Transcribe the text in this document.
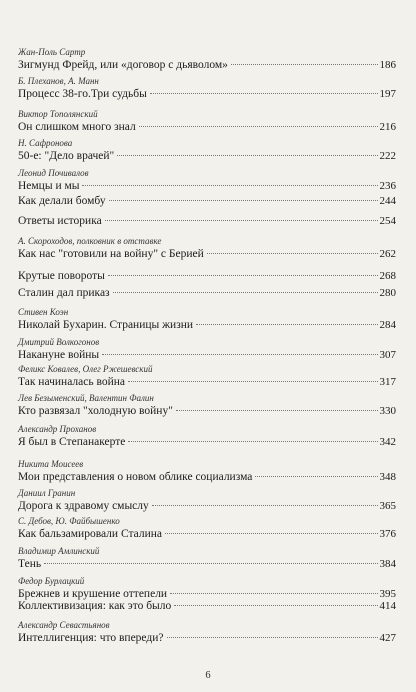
Жан-Поль Сартр
Зигмунд Фрейд, или «договор с дьяволом»	186
Б. Плеханов, А. Манн
Процесс 38-го.Три судьбы	197
Виктор Тополянский
Он слишком много знал	216
Н. Сафронова
50-е: "Дело врачей"	222
Леонид Почивалов
Немцы и мы	236
Как делали бомбу	244
Ответы историка	254
А. Скороходов, полковник в отставке
Как нас "готовили на войну" с Берией	262
Крутые повороты	268
Сталин дал приказ	280
Стивен Коэн
Николай Бухарин. Страницы жизни	284
Дмитрий Волкогонов
Накануне войны	307
Феликс Ковалев, Олег Ржешевский
Так начиналась война	317
Лев Безыменский, Валентин Фалин
Кто развязал "холодную войну"	330
Александр Проханов
Я был в Степанакерте	342
Никита Моисеев
Мои представления о новом облике социализма	348
Даниил Гранин
Дорога к здравому смыслу	365
С. Дебов, Ю. Файбышенко
Как бальзамировали Сталина	376
Владимир Амлинский
Тень	384
Федор Бурлацкий
Брежнев и крушение оттепели	395
Коллективизация: как это было	414
Александр Севастьянов
Интеллигенция: что впереди?	427
6
